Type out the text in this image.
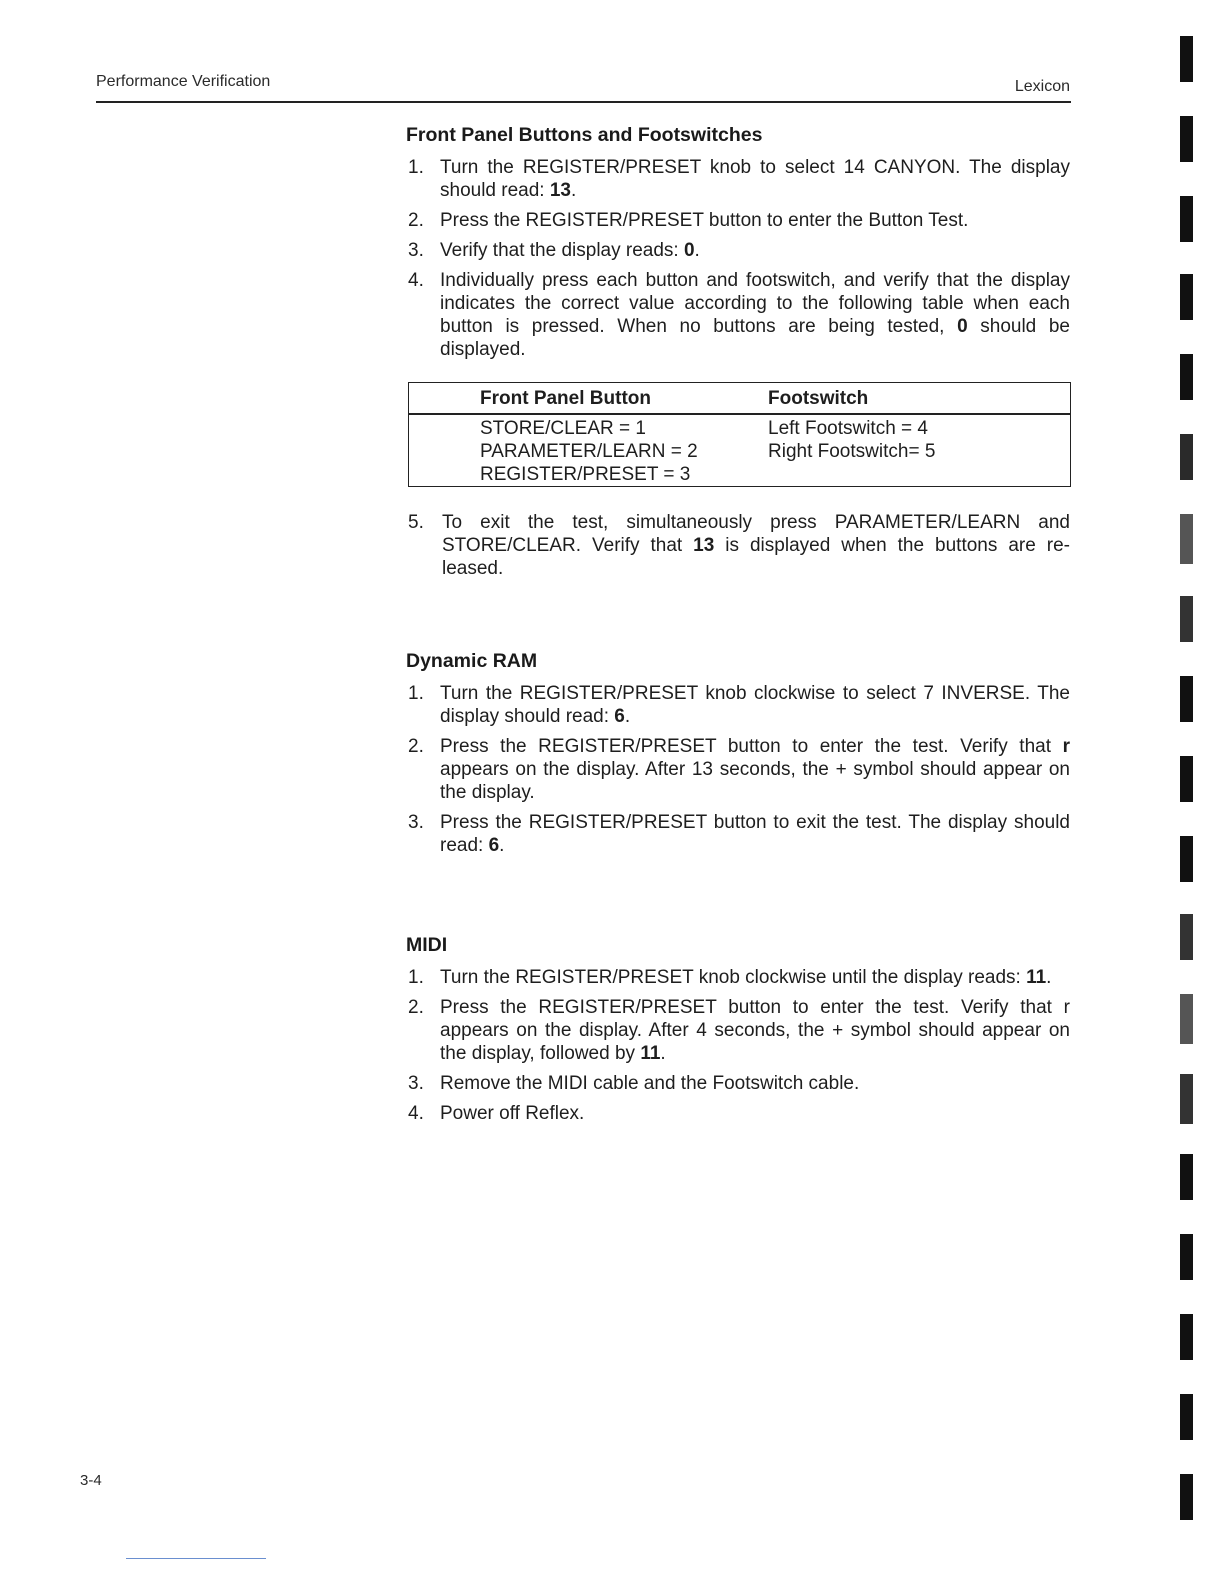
Performance Verification	Lexicon
Front Panel Buttons and Footswitches
1. Turn the REGISTER/PRESET knob to select 14 CANYON. The display should read: 13.
2. Press the REGISTER/PRESET button to enter the Button Test.
3. Verify that the display reads: 0.
4. Individually press each button and footswitch, and verify that the display indicates the correct value according to the following table when each button is pressed. When no buttons are being tested, 0 should be displayed.
Front Panel Button	Footswitch
STORE/CLEAR = 1
PARAMETER/LEARN = 2
REGISTER/PRESET = 3
Left Footswitch = 4
Right Footswitch= 5
5. To exit the test, simultaneously press PARAMETER/LEARN and STORE/CLEAR. Verify that 13 is displayed when the buttons are re-leased.
Dynamic RAM
1. Turn the REGISTER/PRESET knob clockwise to select 7 INVERSE. The display should read: 6.
2. Press the REGISTER/PRESET button to enter the test. Verify that r appears on the display. After 13 seconds, the + symbol should appear on the display.
3. Press the REGISTER/PRESET button to exit the test. The display should read: 6.
MIDI
1. Turn the REGISTER/PRESET knob clockwise until the display reads: 11.
2. Press the REGISTER/PRESET button to enter the test. Verify that r appears on the display. After 4 seconds, the + symbol should appear on the display, followed by 11.
3. Remove the MIDI cable and the Footswitch cable.
4. Power off Reflex.
3-4
